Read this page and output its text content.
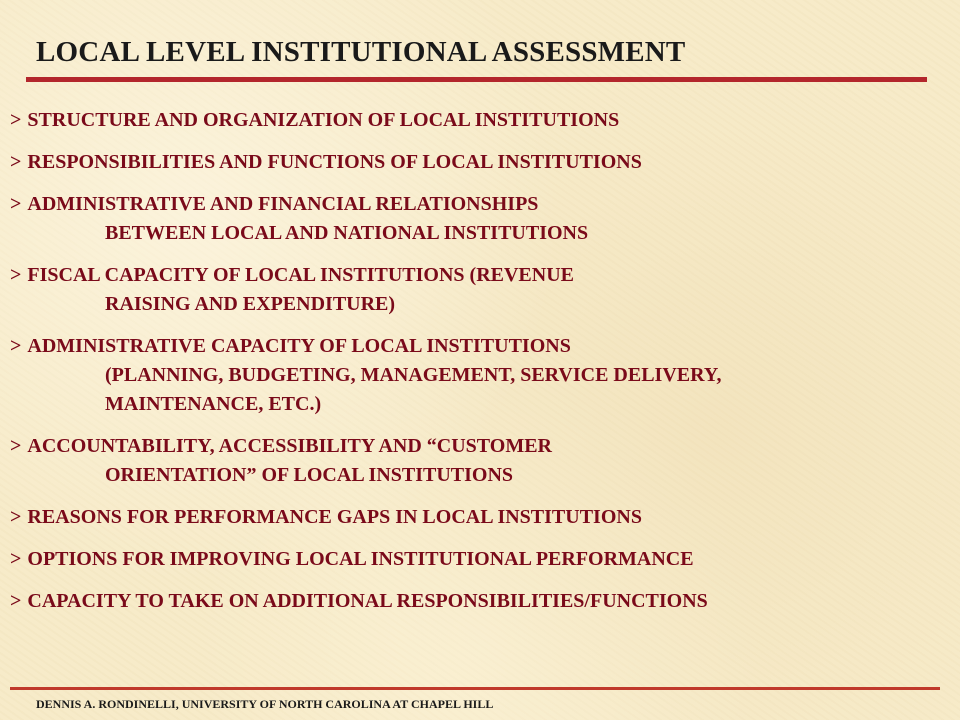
LOCAL LEVEL INSTITUTIONAL ASSESSMENT
> STRUCTURE AND ORGANIZATION OF LOCAL INSTITUTIONS
> RESPONSIBILITIES AND FUNCTIONS OF LOCAL INSTITUTIONS
> ADMINISTRATIVE AND FINANCIAL RELATIONSHIPS
BETWEEN LOCAL AND NATIONAL INSTITUTIONS
> FISCAL CAPACITY OF LOCAL INSTITUTIONS (REVENUE
RAISING AND EXPENDITURE)
> ADMINISTRATIVE CAPACITY OF LOCAL INSTITUTIONS
(PLANNING, BUDGETING, MANAGEMENT, SERVICE DELIVERY,
MAINTENANCE, ETC.)
> ACCOUNTABILITY, ACCESSIBILITY AND “CUSTOMER
ORIENTATION” OF LOCAL INSTITUTIONS
> REASONS FOR PERFORMANCE GAPS IN LOCAL INSTITUTIONS
> OPTIONS FOR IMPROVING LOCAL INSTITUTIONAL PERFORMANCE
> CAPACITY TO TAKE ON ADDITIONAL RESPONSIBILITIES/FUNCTIONS
DENNIS A. RONDINELLI, UNIVERSITY OF NORTH CAROLINA AT CHAPEL HILL
